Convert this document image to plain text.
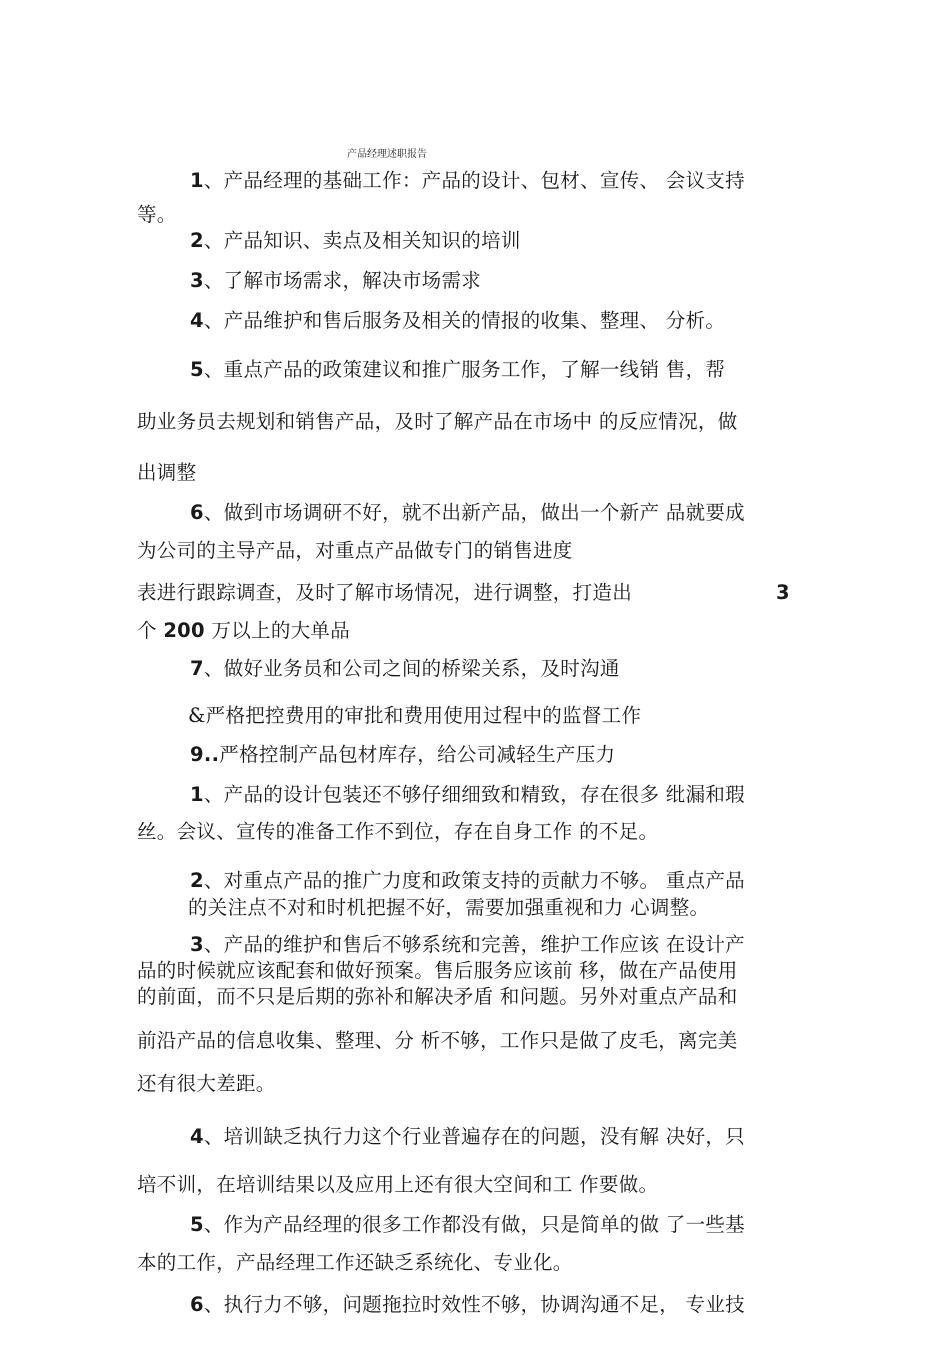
产品经理述职报告
1、产品经理的基础工作：产品的设计、包材、宣传、 会议支持
等。
2、产品知识、卖点及相关知识的培训
3、了解市场需求，解决市场需求
4、产品维护和售后服务及相关的情报的收集、整理、 分析。
5、重点产品的政策建议和推广服务工作，了解一线销 售，帮
助业务员去规划和销售产品，及时了解产品在市场中 的反应情况，做
出调整
6、做到市场调研不好，就不出新产品，做出一个新产 品就要成
为公司的主导产品，对重点产品做专门的销售进度
表进行跟踪调查，及时了解市场情况，进行调整，打造出	3
个 200 万以上的大单品
7、做好业务员和公司之间的桥梁关系，及时沟通
&严格把控费用的审批和费用使用过程中的监督工作
9..严格控制产品包材库存，给公司减轻生产压力
1、产品的设计包装还不够仔细细致和精致，存在很多 纰漏和瑕
丝。会议、宣传的准备工作不到位，存在自身工作 的不足。
2、对重点产品的推广力度和政策支持的贡献力不够。 重点产品
的关注点不对和时机把握不好，需要加强重视和力 心调整。
3、产品的维护和售后不够系统和完善，维护工作应该 在设计产
品的时候就应该配套和做好预案。售后服务应该前 移，做在产品使用
的前面，而不只是后期的弥补和解决矛盾 和问题。另外对重点产品和
前沿产品的信息收集、整理、分 析不够，工作只是做了皮毛，离完美
还有很大差距。
4、培训缺乏执行力这个行业普遍存在的问题，没有解 决好，只
培不训，在培训结果以及应用上还有很大空间和工 作要做。
5、作为产品经理的很多工作都没有做，只是简单的做 了一些基
本的工作，产品经理工作还缺乏系统化、专业化。
6、执行力不够，问题拖拉时效性不够，协调沟通不足， 专业技
